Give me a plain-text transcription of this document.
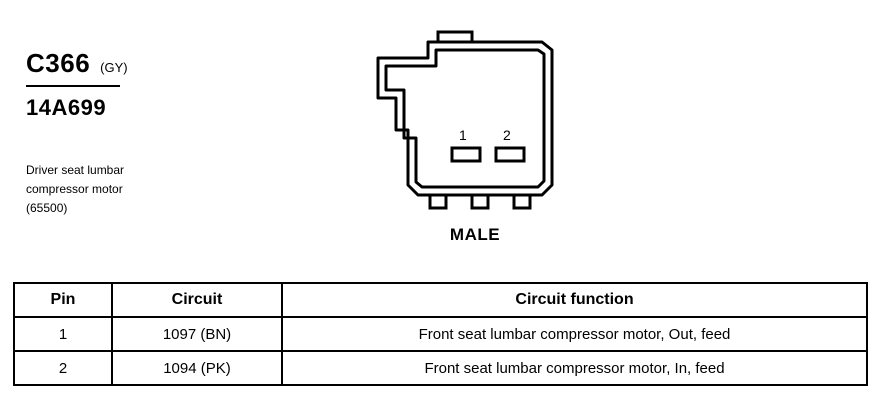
C366 (GY)
14A699
Driver seat lumbar
compressor motor
(65500)
1	2
MALE
Pin	Circuit	Circuit function
1	1097 (BN)	Front seat lumbar compressor motor, Out, feed
2	1094 (PK)	Front seat lumbar compressor motor, In, feed
